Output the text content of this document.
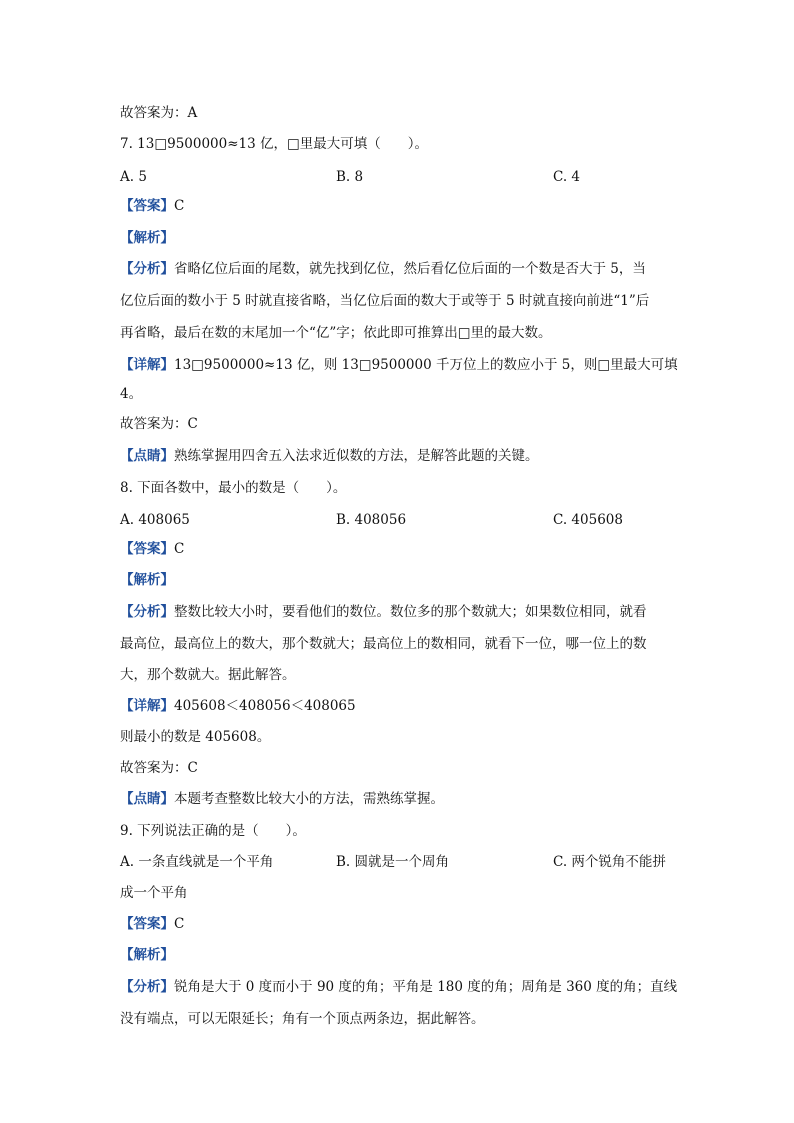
故答案为：A
7. 13□9500000≈13 亿，□里最大可填（　　）。
A. 5	B. 8	C. 4
【答案】C
【解析】
【分析】省略亿位后面的尾数，就先找到亿位，然后看亿位后面的一个数是否大于 5，当
亿位后面的数小于 5 时就直接省略，当亿位后面的数大于或等于 5 时就直接向前进“1”后
再省略，最后在数的末尾加一个“亿”字；依此即可推算出□里的最大数。
【详解】13□9500000≈13 亿，则 13□9500000 千万位上的数应小于 5，则□里最大可填
4。
故答案为：C
【点睛】熟练掌握用四舍五入法求近似数的方法，是解答此题的关键。
8. 下面各数中，最小的数是（　　）。
A. 408065	B. 408056	C. 405608
【答案】C
【解析】
【分析】整数比较大小时，要看他们的数位。数位多的那个数就大；如果数位相同，就看
最高位，最高位上的数大，那个数就大；最高位上的数相同，就看下一位，哪一位上的数
大，那个数就大。据此解答。
【详解】405608＜408056＜408065
则最小的数是 405608。
故答案为：C
【点睛】本题考查整数比较大小的方法，需熟练掌握。
9. 下列说法正确的是（　　）。
A. 一条直线就是一个平角	B. 圆就是一个周角	C. 两个锐角不能拼
成一个平角
【答案】C
【解析】
【分析】锐角是大于 0 度而小于 90 度的角；平角是 180 度的角；周角是 360 度的角；直线
没有端点，可以无限延长；角有一个顶点两条边，据此解答。
